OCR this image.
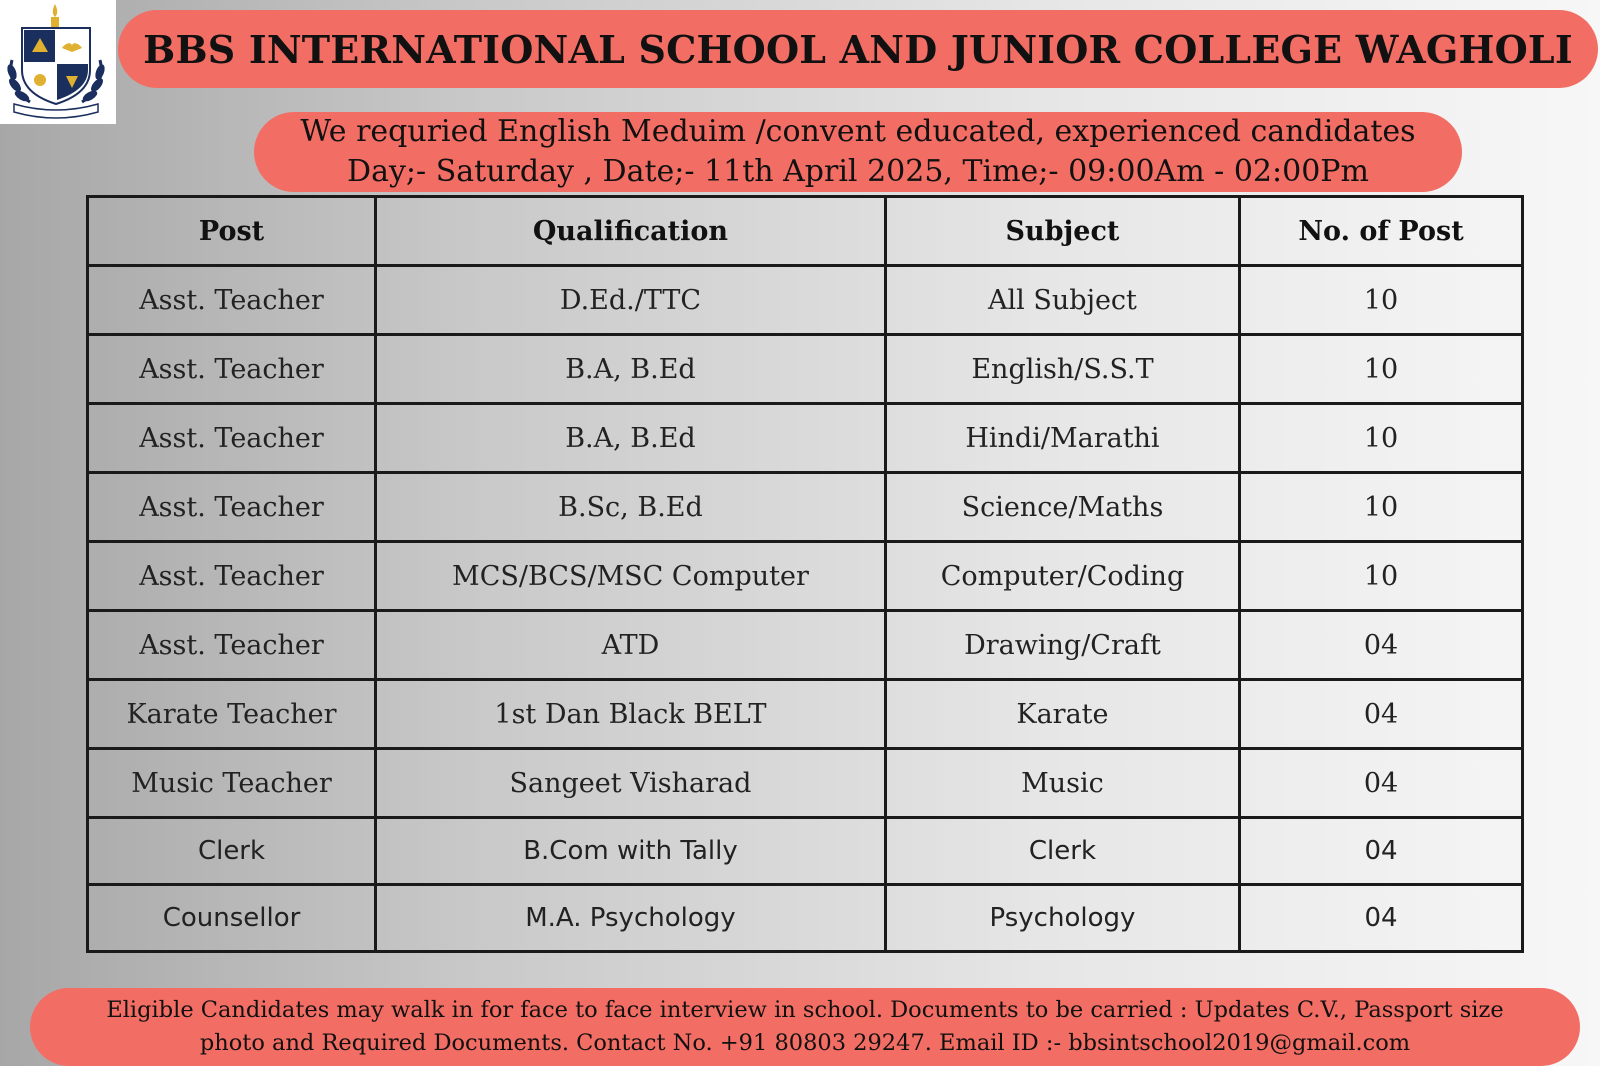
BBS INTERNATIONAL SCHOOL AND JUNIOR COLLEGE WAGHOLI
We requried English Meduim /convent educated, experienced candidates
Day;- Saturday , Date;- 11th April 2025, Time;- 09:00Am - 02:00Pm
Post	Qualification	Subject	No. of Post
Asst. Teacher	D.Ed./TTC	All Subject	10
Asst. Teacher	B.A, B.Ed	English/S.S.T	10
Asst. Teacher	B.A, B.Ed	Hindi/Marathi	10
Asst. Teacher	B.Sc, B.Ed	Science/Maths	10
Asst. Teacher	MCS/BCS/MSC Computer	Computer/Coding	10
Asst. Teacher	ATD	Drawing/Craft	04
Karate Teacher	1st Dan Black BELT	Karate	04
Music Teacher	Sangeet Visharad	Music	04
Clerk	B.Com with Tally	Clerk	04
Counsellor	M.A. Psychology	Psychology	04
Eligible Candidates may walk in for face to face interview in school. Documents to be carried : Updates C.V., Passport size
photo and Required Documents. Contact No. +91 80803 29247. Email ID :- bbsintschool2019@gmail.com
